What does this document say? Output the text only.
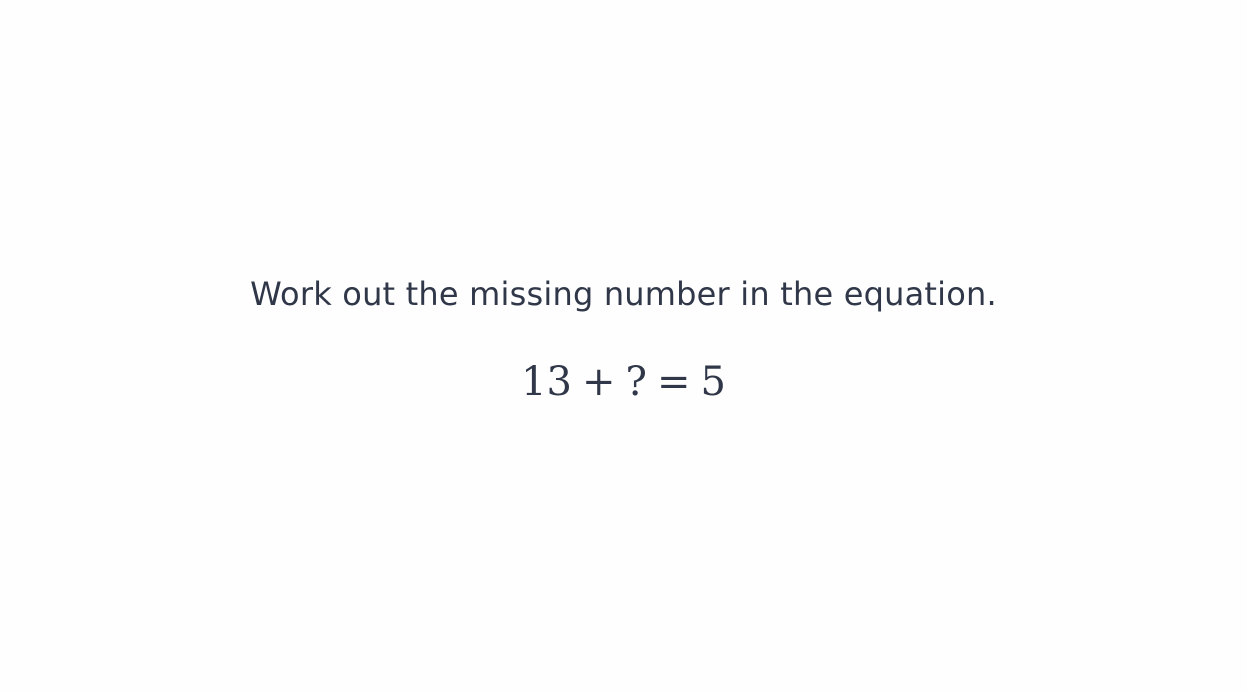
Work out the missing number in the equation.
13 + ? = 5
